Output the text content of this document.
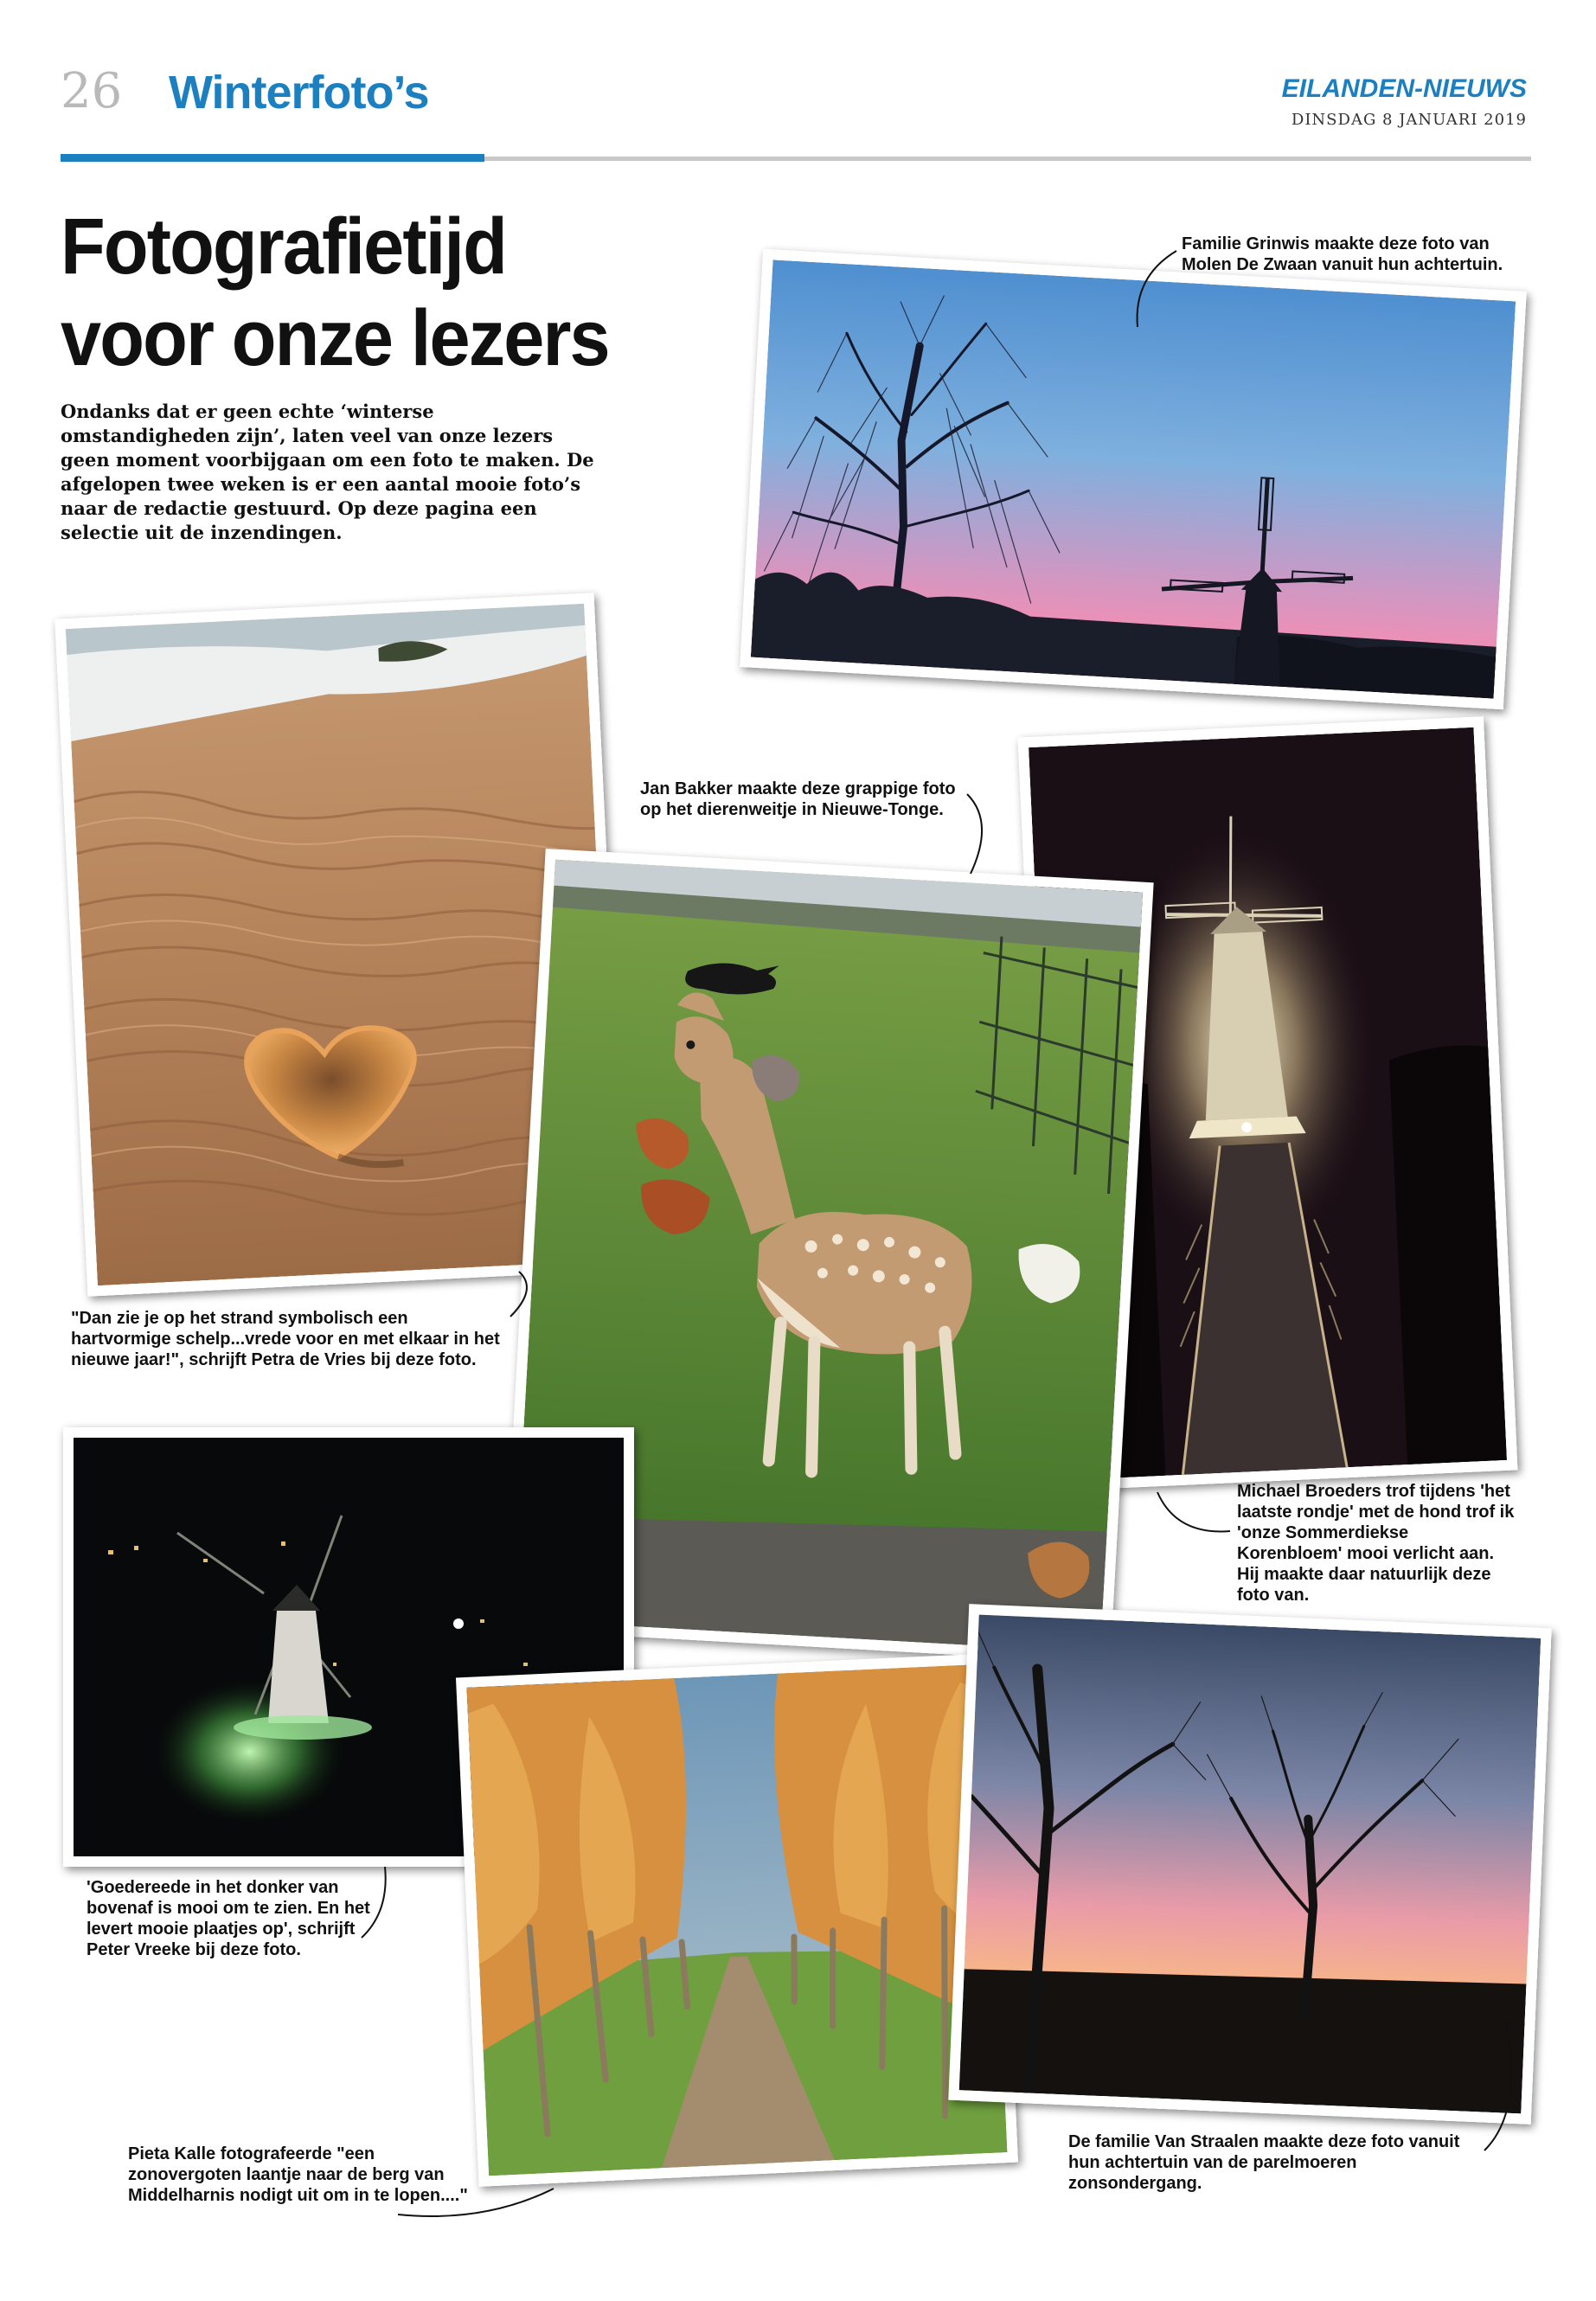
26 Winterfoto’s	EILANDEN-NIEUWS
DINSDAG 8 JANUARI 2019
Fotografietijd
voor onze lezers
Ondanks dat er geen echte ‘winterse omstandigheden zijn’, laten veel van onze lezers geen moment voorbijgaan om een foto te maken. De afgelopen twee weken is er een aantal mooie foto’s naar de redactie gestuurd. Op deze pagina een selectie uit de inzendingen.
Familie Grinwis maakte deze foto van Molen De Zwaan vanuit hun achtertuin.
Jan Bakker maakte deze grappige foto op het dierenweitje in Nieuwe-Tonge.
"Dan zie je op het strand symbolisch een hartvormige schelp...vrede voor en met elkaar in het nieuwe jaar!", schrijft Petra de Vries bij deze foto.
Michael Broeders trof tijdens 'het laatste rondje' met de hond trof ik 'onze Sommerdiekse Korenbloem' mooi verlicht aan. Hij maakte daar natuurlijk deze foto van.
'Goedereede in het donker van bovenaf is mooi om te zien. En het levert mooie plaatjes op', schrijft Peter Vreeke bij deze foto.
Pieta Kalle fotografeerde "een zonovergoten laantje naar de berg van Middelharnis nodigt uit om in te lopen...."
De familie Van Straalen maakte deze foto vanuit hun achtertuin van de parelmoeren zonsondergang.
